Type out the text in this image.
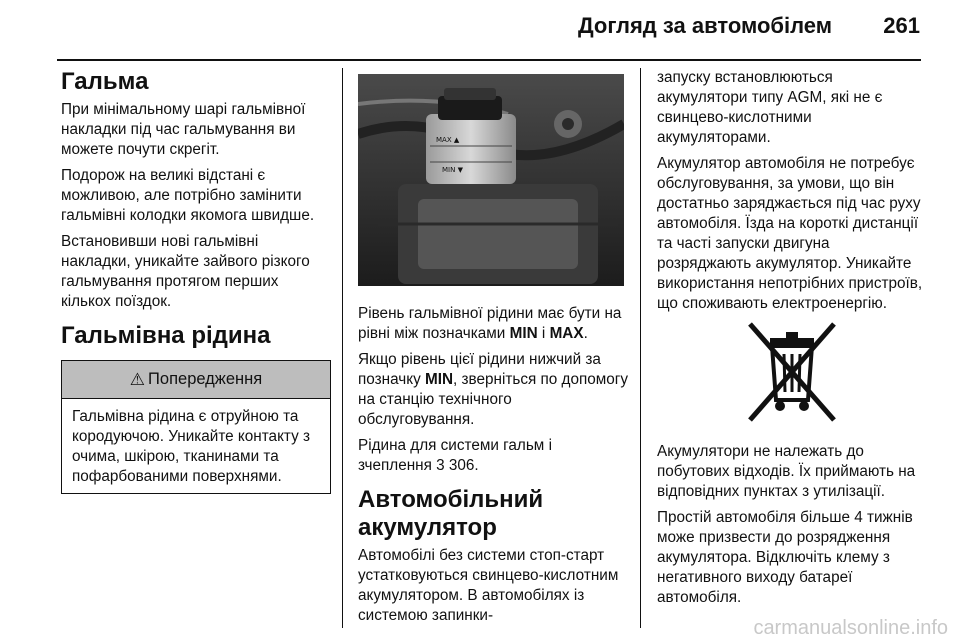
Догляд за автомобілем 261
Гальма

При мінімальному шарі гальмівної накладки під час гальмування ви можете почути скрегіт.

Подорож на великі відстані є можливою, але потрібно замінити гальмівні колодки якомога швидше.

Встановивши нові гальмівні накладки, уникайте зайвого різкого гальмування протягом перших кількох поїздок.

Гальмівна рідина
⚠ Попередження

Гальмівна рідина є отруйною та кородуючою. Уникайте контакту з очима, шкірою, тканинами та пофарбованими поверхнями.

MAX ▲
MIN ▼

Рівень гальмівної рідини має бути на рівні між позначками MIN і MAX.

Якщо рівень цієї рідини нижчий за позначку MIN, зверніться по допомогу на станцію технічного обслуговування.

Рідина для системи гальм і зчеплення 3 306.

Автомобільний акумулятор

Автомобілі без системи стоп-старт устатковуються свинцево-кислотним акумулятором. В автомобілях із системою запинки-

запуску встановлюються акумулятори типу AGM, які не є свинцево-кислотними акумуляторами.

Акумулятор автомобіля не потребує обслуговування, за умови, що він достатньо заряджається під час руху автомобіля. Їзда на короткі дистанції та часті запуски двигуна розряджають акумулятор. Уникайте використання непотрібних пристроїв, що споживають електроенергію.

Акумулятори не належать до побутових відходів. Їх приймають на відповідних пунктах з утилізації.

Простій автомобіля більше 4 тижнів може призвести до розрядження акумулятора. Відключіть клему з негативного виходу батареї автомобіля.

carmanualsonline.info
